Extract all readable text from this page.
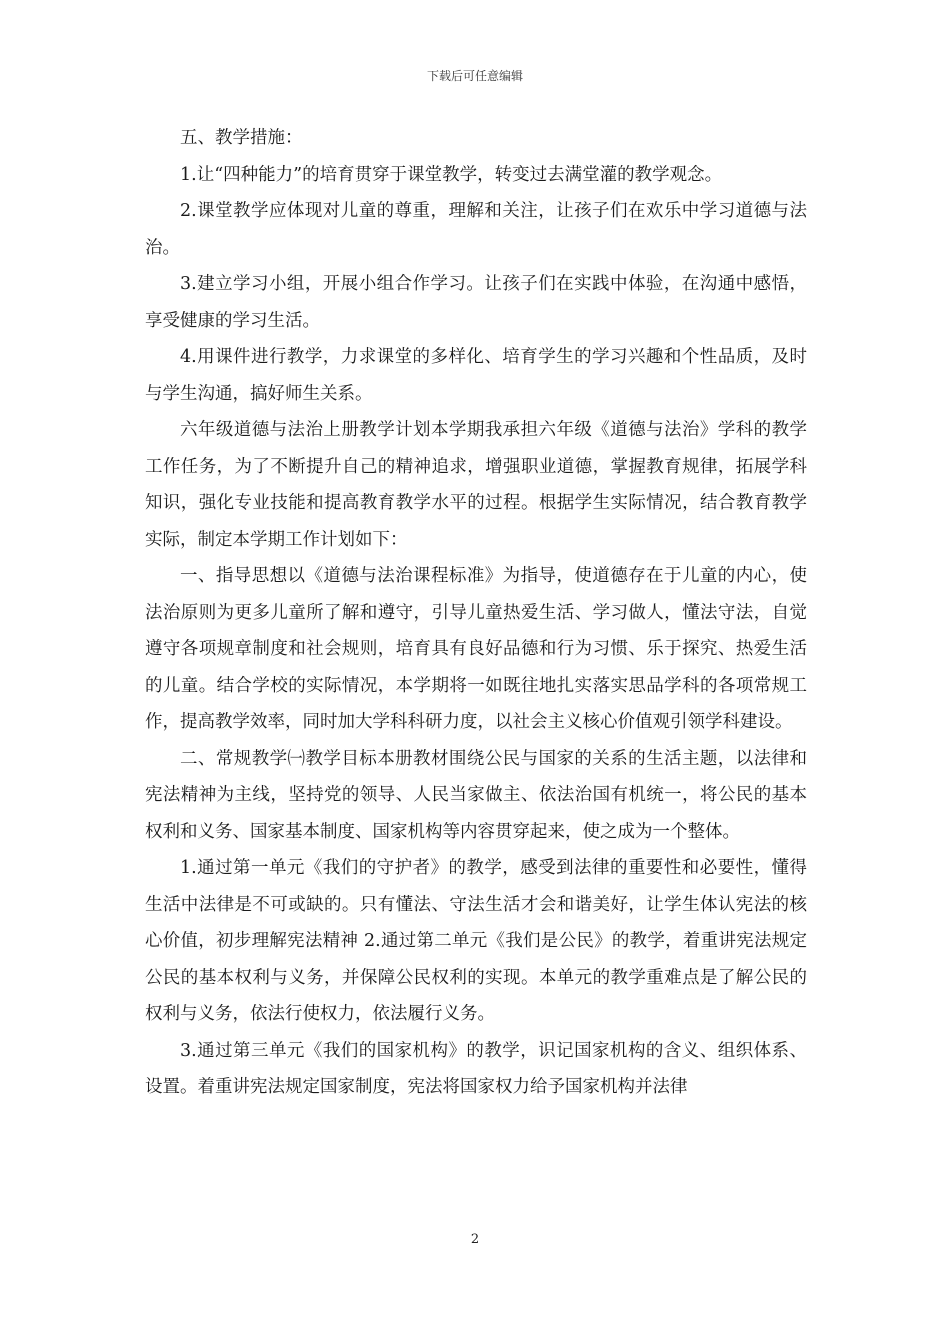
下载后可任意编辑

五、教学措施：

1.让“四种能力”的培育贯穿于课堂教学，转变过去满堂灌的教学观念。

2.课堂教学应体现对儿童的尊重，理解和关注，让孩子们在欢乐中学习道德与法治。

3.建立学习小组，开展小组合作学习。让孩子们在实践中体验，在沟通中感悟，享受健康的学习生活。

4.用课件进行教学，力求课堂的多样化、培育学生的学习兴趣和个性品质，及时与学生沟通，搞好师生关系。

六年级道德与法治上册教学计划本学期我承担六年级《道德与法治》学科的教学工作任务，为了不断提升自己的精神追求，增强职业道德，掌握教育规律，拓展学科知识，强化专业技能和提高教育教学水平的过程。根据学生实际情况，结合教育教学实际，制定本学期工作计划如下：

一、指导思想以《道德与法治课程标准》为指导，使道德存在于儿童的内心，使法治原则为更多儿童所了解和遵守，引导儿童热爱生活、学习做人，懂法守法，自觉遵守各项规章制度和社会规则，培育具有良好品德和行为习惯、乐于探究、热爱生活的儿童。结合学校的实际情况，本学期将一如既往地扎实落实思品学科的各项常规工作，提高教学效率，同时加大学科科研力度，以社会主义核心价值观引领学科建设。

二、常规教学㈠教学目标本册教材围绕公民与国家的关系的生活主题，以法律和宪法精神为主线，坚持党的领导、人民当家做主、依法治国有机统一，将公民的基本权利和义务、国家基本制度、国家机构等内容贯穿起来，使之成为一个整体。

1.通过第一单元《我们的守护者》的教学，感受到法律的重要性和必要性，懂得生活中法律是不可或缺的。只有懂法、守法生活才会和谐美好，让学生体认宪法的核心价值，初步理解宪法精神 2.通过第二单元《我们是公民》的教学，着重讲宪法规定公民的基本权利与义务，并保障公民权利的实现。本单元的教学重难点是了解公民的权利与义务，依法行使权力，依法履行义务。

3.通过第三单元《我们的国家机构》的教学，识记国家机构的含义、组织体系、设置。着重讲宪法规定国家制度，宪法将国家权力给予国家机构并法律

2
